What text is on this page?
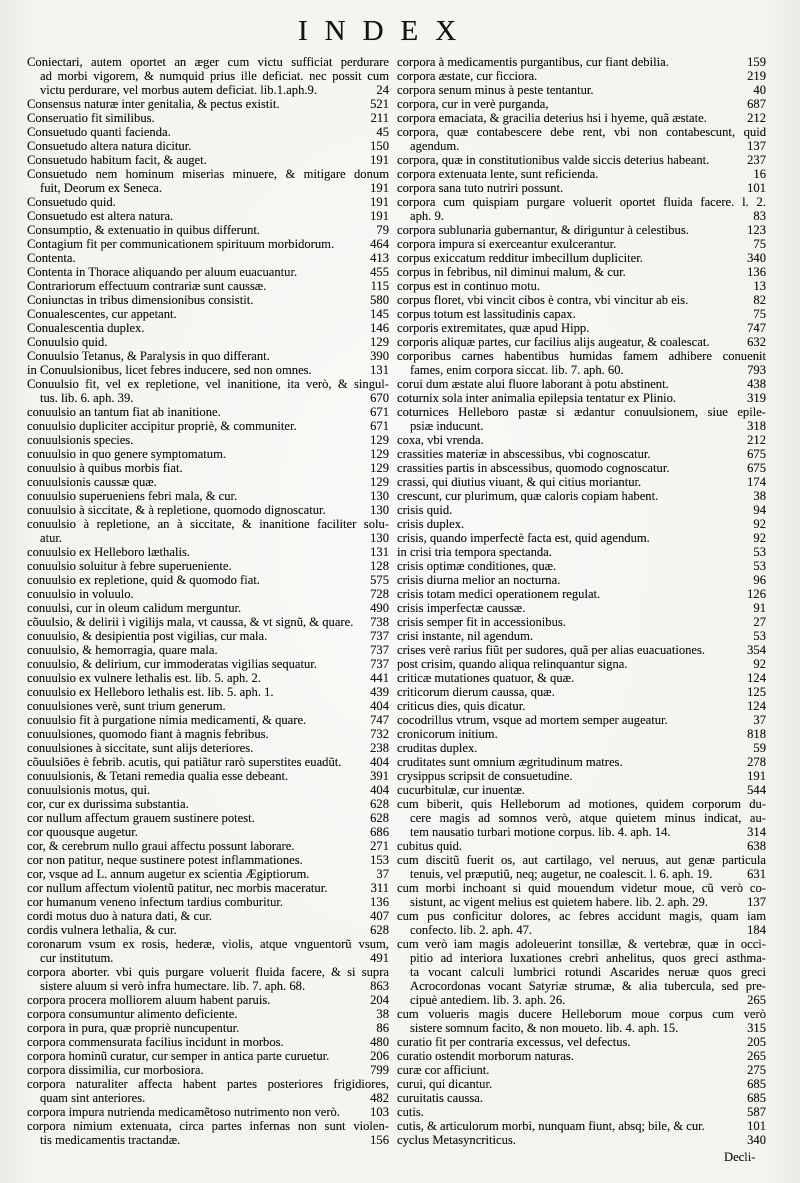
INDEX
Coniectari, autem oportet an æger cum victu sufficiat perdurare
ad morbi vigorem, & numquid prius ille deficiat. nec possit cum
victu perdurare, vel morbus autem deficiat. lib.1.aph.9.	24
Consensus naturæ inter genitalia, & pectus existit.	521
Conseruatio fit similibus.	211
Consuetudo quanti facienda.	45
Consuetudo altera natura dicitur.	150
Consuetudo habitum facit, & auget.	191
Consuetudo nem hominum miserias minuere, & mitigare donum
fuit, Deorum ex Seneca.	191
Consuetudo quid.	191
Consuetudo est altera natura.	191
Consumptio, & extenuatio in quibus differunt.	79
Contagium fit per communicationem spirituum morbidorum.	464
Contenta.	413
Contenta in Thorace aliquando per aluum euacuantur.	455
Contrariorum effectuum contrariæ sunt caussæ.	115
Coniunctas in tribus dimensionibus consistit.	580
Conualescentes, cur appetant.	145
Conualescentia duplex.	146
Conuulsio quid.	129
Conuulsio Tetanus, & Paralysis in quo differant.	390
in Conuulsionibus, licet febres inducere, sed non omnes.	131
Conuulsio fit, vel ex repletione, vel inanitione, ita verò, & singul-
tus. lib. 6. aph. 39.	670
conuulsio an tantum fiat ab inanitione.	671
conuulsio dupliciter accipitur propriè, & communiter.	671
conuulsionis species.	129
conuulsio in quo genere symptomatum.	129
conuulsio à quibus morbis fiat.	129
conuulsionis caussæ quæ.	129
conuulsio superueniens febri mala, & cur.	130
conuulsio à siccitate, & à repletione, quomodo dignoscatur.	130
conuulsio à repletione, an à siccitate, & inanitione faciliter solu-
atur.	130
conuulsio ex Helleboro læthalis.	131
conuulsio soluitur à febre superueniente.	128
conuulsio ex repletione, quid & quomodo fiat.	575
conuulsio in voluulo.	728
conuulsi, cur in oleum calidum merguntur.	490
cõuulsio, & delirii ì vigilijs mala, vt caussa, & vt signũ, & quare. 738
conuulsio, & desipientia post vigilias, cur mala.	737
conuulsio, & hemorragia, quare mala.	737
conuulsio, & delirium, cur immoderatas vigilias sequatur.	737
conuulsio ex vulnere lethalis est. lib. 5. aph. 2.	441
conuulsio ex Helleboro lethalis est. lib. 5. aph. 1.	439
conuulsiones verè, sunt trium generum.	404
conuulsio fit à purgatione nimia medicamenti, & quare.	747
conuulsiones, quomodo fiant à magnis febribus.	732
conuulsiones à siccitate, sunt alijs deteriores.	238
cõuulsiões è febrib. acutis, qui patiãtur rarò superstites euadũt. 404
conuulsionis, & Tetani remedia qualia esse debeant.	391
conuulsionis motus, qui.	404
cor, cur ex durissima substantia.	628
cor nullum affectum grauem sustinere potest.	628
cor quousque augetur.	686
cor, & cerebrum nullo graui affectu possunt laborare.	271
cor non patitur, neque sustinere potest inflammationes.	153
cor, vsque ad L. annum augetur ex scientia Ægiptiorum.	37
cor nullum affectum violentũ patitur, nec morbis maceratur.	311
cor humanum veneno infectum tardius comburitur.	136
cordi motus duo à natura dati, & cur.	407
cordis vulnera lethalia, & cur.	628
coronarum vsum ex rosis, hederæ, violis, atque vnguentorũ vsum,
cur institutum.	491
corpora aborter. vbi quis purgare voluerit fluida facere, & si supra
sistere aluum si verò infra humectare. lib. 7. aph. 68.	863
corpora procera molliorem aluum habent paruis.	204
corpora consumuntur alimento deficiente.	38
corpora in pura, quæ propriè nuncupentur.	86
corpora commensurata facilius incidunt in morbos.	480
corpora hominũ curatur, cur semper in antica parte curuetur.	206
corpora dissimilia, cur morbosiora.	799
corpora naturaliter affecta habent partes posteriores frigidiores,
quam sint anteriores.	482
corpora impura nutrienda medicamẽtoso nutrimento non verò. 103
corpora nimium extenuata, circa partes infernas non sunt violen-
tis medicamentis tractandæ.	156
corpora à medicamentis purgantibus, cur fiant debilia.	159
corpora æstate, cur ficciora.	219
corpora senum minus à peste tentantur.	40
corpora, cur in verè purganda,	687
corpora emaciata, & gracilia deterius hsi i hyeme, quã æstate.	212
corpora, quæ contabescere debe rent, vbi non contabescunt, quid
agendum.	137
corpora, quæ in constitutionibus valde siccis deterius habeant.	237
corpora extenuata lente, sunt reficienda.	16
corpora sana tuto nutriri possunt.	101
corpora cum quispiam purgare voluerit oportet fluida facere. l. 2.
aph. 9.	83
corpora sublunaria gubernantur, & diriguntur à celestibus.	123
corpora impura si exerceantur exulcerantur.	75
corpus exiccatum redditur imbecillum dupliciter.	340
corpus in febribus, nil diminui malum, & cur.	136
corpus est in continuo motu.	13
corpus floret, vbi vincit cibos è contra, vbi vincitur ab eis.	82
corpus totum est lassitudinis capax.	75
corporis extremitates, quæ apud Hipp.	747
corporis aliquæ partes, cur facilius alijs augeatur, & coalescat.	632
corporibus carnes habentibus humidas famem adhibere conuenit
fames, enim corpora siccat. lib. 7. aph. 60.	793
corui dum æstate alui fluore laborant à potu abstinent.	438
coturnix sola inter animalia epilepsia tentatur ex Plinio.	319
coturnices Helleboro pastæ si ædantur conuulsionem, siue epile-
psiæ inducunt.	318
coxa, vbi vrenda.	212
crassities materiæ in abscessibus, vbi cognoscatur.	675
crassities partis in abscessibus, quomodo cognoscatur.	675
crassi, qui diutius viuant, & qui citius moriantur.	174
crescunt, cur plurimum, quæ caloris copiam habent.	38
crisis quid.	94
crisis duplex.	92
crisis, quando imperfectè facta est, quid agendum.	92
in crisi tria tempora spectanda.	53
crisis optimæ conditiones, quæ.	53
crisis diurna melior an nocturna.	96
crisis totam medici operationem regulat.	126
crisis imperfectæ caussæ.	91
crisis semper fit in accessionibus.	27
crisi instante, nil agendum.	53
crises verè rarius fiũt per sudores, quã per alias euacuationes.	354
post crisim, quando aliqua relinquantur signa.	92
criticæ mutationes quatuor, & quæ.	124
criticorum dierum caussa, quæ.	125
criticus dies, quis dicatur.	124
cocodrillus vtrum, vsque ad mortem semper augeatur.	37
cronicorum initium.	818
cruditas duplex.	59
cruditates sunt omnium ægritudinum matres.	278
crysippus scripsit de consuetudine.	191
cucurbitulæ, cur inuentæ.	544
cum biberit, quis Helleborum ad motiones, quidem corporum du-
cere magis ad somnos verò, atque quietem minus indicat, au-
tem nausatio turbari motione corpus. lib. 4. aph. 14.	314
cubitus quid.	638
cum discitũ fuerit os, aut cartilago, vel neruus, aut genæ particula
tenuis, vel præputiũ, neq; augetur, ne coalescit. l. 6. aph. 19.	631
cum morbi inchoant si quid mouendum videtur moue, cũ verò co-
sistunt, ac vigent melius est quietem habere. lib. 2. aph. 29.	137
cum pus conficitur dolores, ac febres accidunt magis, quam iam
confecto. lib. 2. aph. 47.	184
cum verò iam magis adoleuerint tonsillæ, & vertebræ, quæ in occi-
pitio ad interiora luxationes crebri anhelitus, quos greci asthma-
ta vocant calculi lumbrici rotundi Ascarides neruæ quos greci
Acrocordonas vocant Satyriæ strumæ, & alia tubercula, sed pre-
cipuè antediem. lib. 3. aph. 26.	265
cum volueris magis ducere Helleborum moue corpus cum verò
sistere somnum facito, & non moueto. lib. 4. aph. 15.	315
curatio fit per contraria excessus, vel defectus.	205
curatio ostendit morborum naturas.	265
curæ cor afficiunt.	275
curui, qui dicantur.	685
curuitatis caussa.	685
cutis.	587
cutis, & articulorum morbi, nunquam fiunt, absq; bile, & cur.	101
cyclus Metasyncriticus.	340
Decli-
